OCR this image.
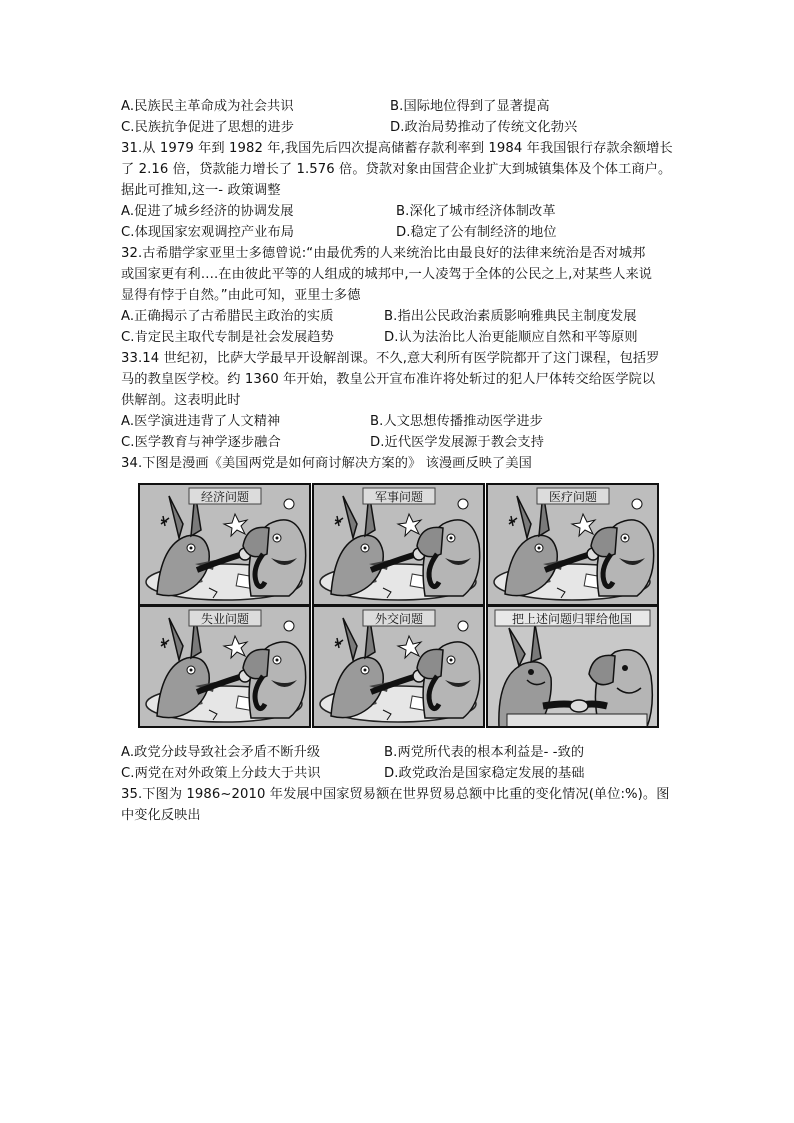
A.民族民主革命成为社会共识	B.国际地位得到了显著提高
C.民族抗争促进了思想的进步	D.政治局势推动了传统文化勃兴
31.从 1979 年到 1982 年,我国先后四次提高储蓄存款利率到 1984 年我国银行存款余额增长
了 2.16 倍，贷款能力增长了 1.576 倍。贷款对象由国营企业扩大到城镇集体及个体工商户。
据此可推知,这一- 政策调整
A.促进了城乡经济的协调发展	B.深化了城市经济体制改革
C.体现国家宏观调控产业布局	D.稳定了公有制经济的地位
32.古希腊学家亚里士多德曾说:“由最优秀的人来统治比由最良好的法律来统治是否对城邦
或国家更有利….在由彼此平等的人组成的城邦中,一人凌驾于全体的公民之上,对某些人来说
显得有悖于自然。”由此可知，亚里士多德
A.正确揭示了古希腊民主政治的实质	B.指出公民政治素质影响雅典民主制度发展
C.肯定民主取代专制是社会发展趋势	D.认为法治比人治更能顺应自然和平等原则
33.14 世纪初，比萨大学最早开设解剖课。不久,意大利所有医学院都开了这门课程，包括罗
马的教皇医学校。约 1360 年开始，教皇公开宣布准许将处斩过的犯人尸体转交给医学院以
供解剖。这表明此时
A.医学演进违背了人文精神	B.人文思想传播推动医学进步
C.医学教育与神学逐步融合	D.近代医学发展源于教会支持
34.下图是漫画《美国两党是如何商讨解决方案的》 该漫画反映了美国
经济问题	军事问题	医疗问题
失业问题	外交问题	把上述问题归罪给他国
A.政党分歧导致社会矛盾不断升级	B.两党所代表的根本利益是- -致的
C.两党在对外政策上分歧大于共识	D.政党政治是国家稳定发展的基础
35.下图为 1986~2010 年发展中国家贸易额在世界贸易总额中比重的变化情况(单位:%)。图
中变化反映出
